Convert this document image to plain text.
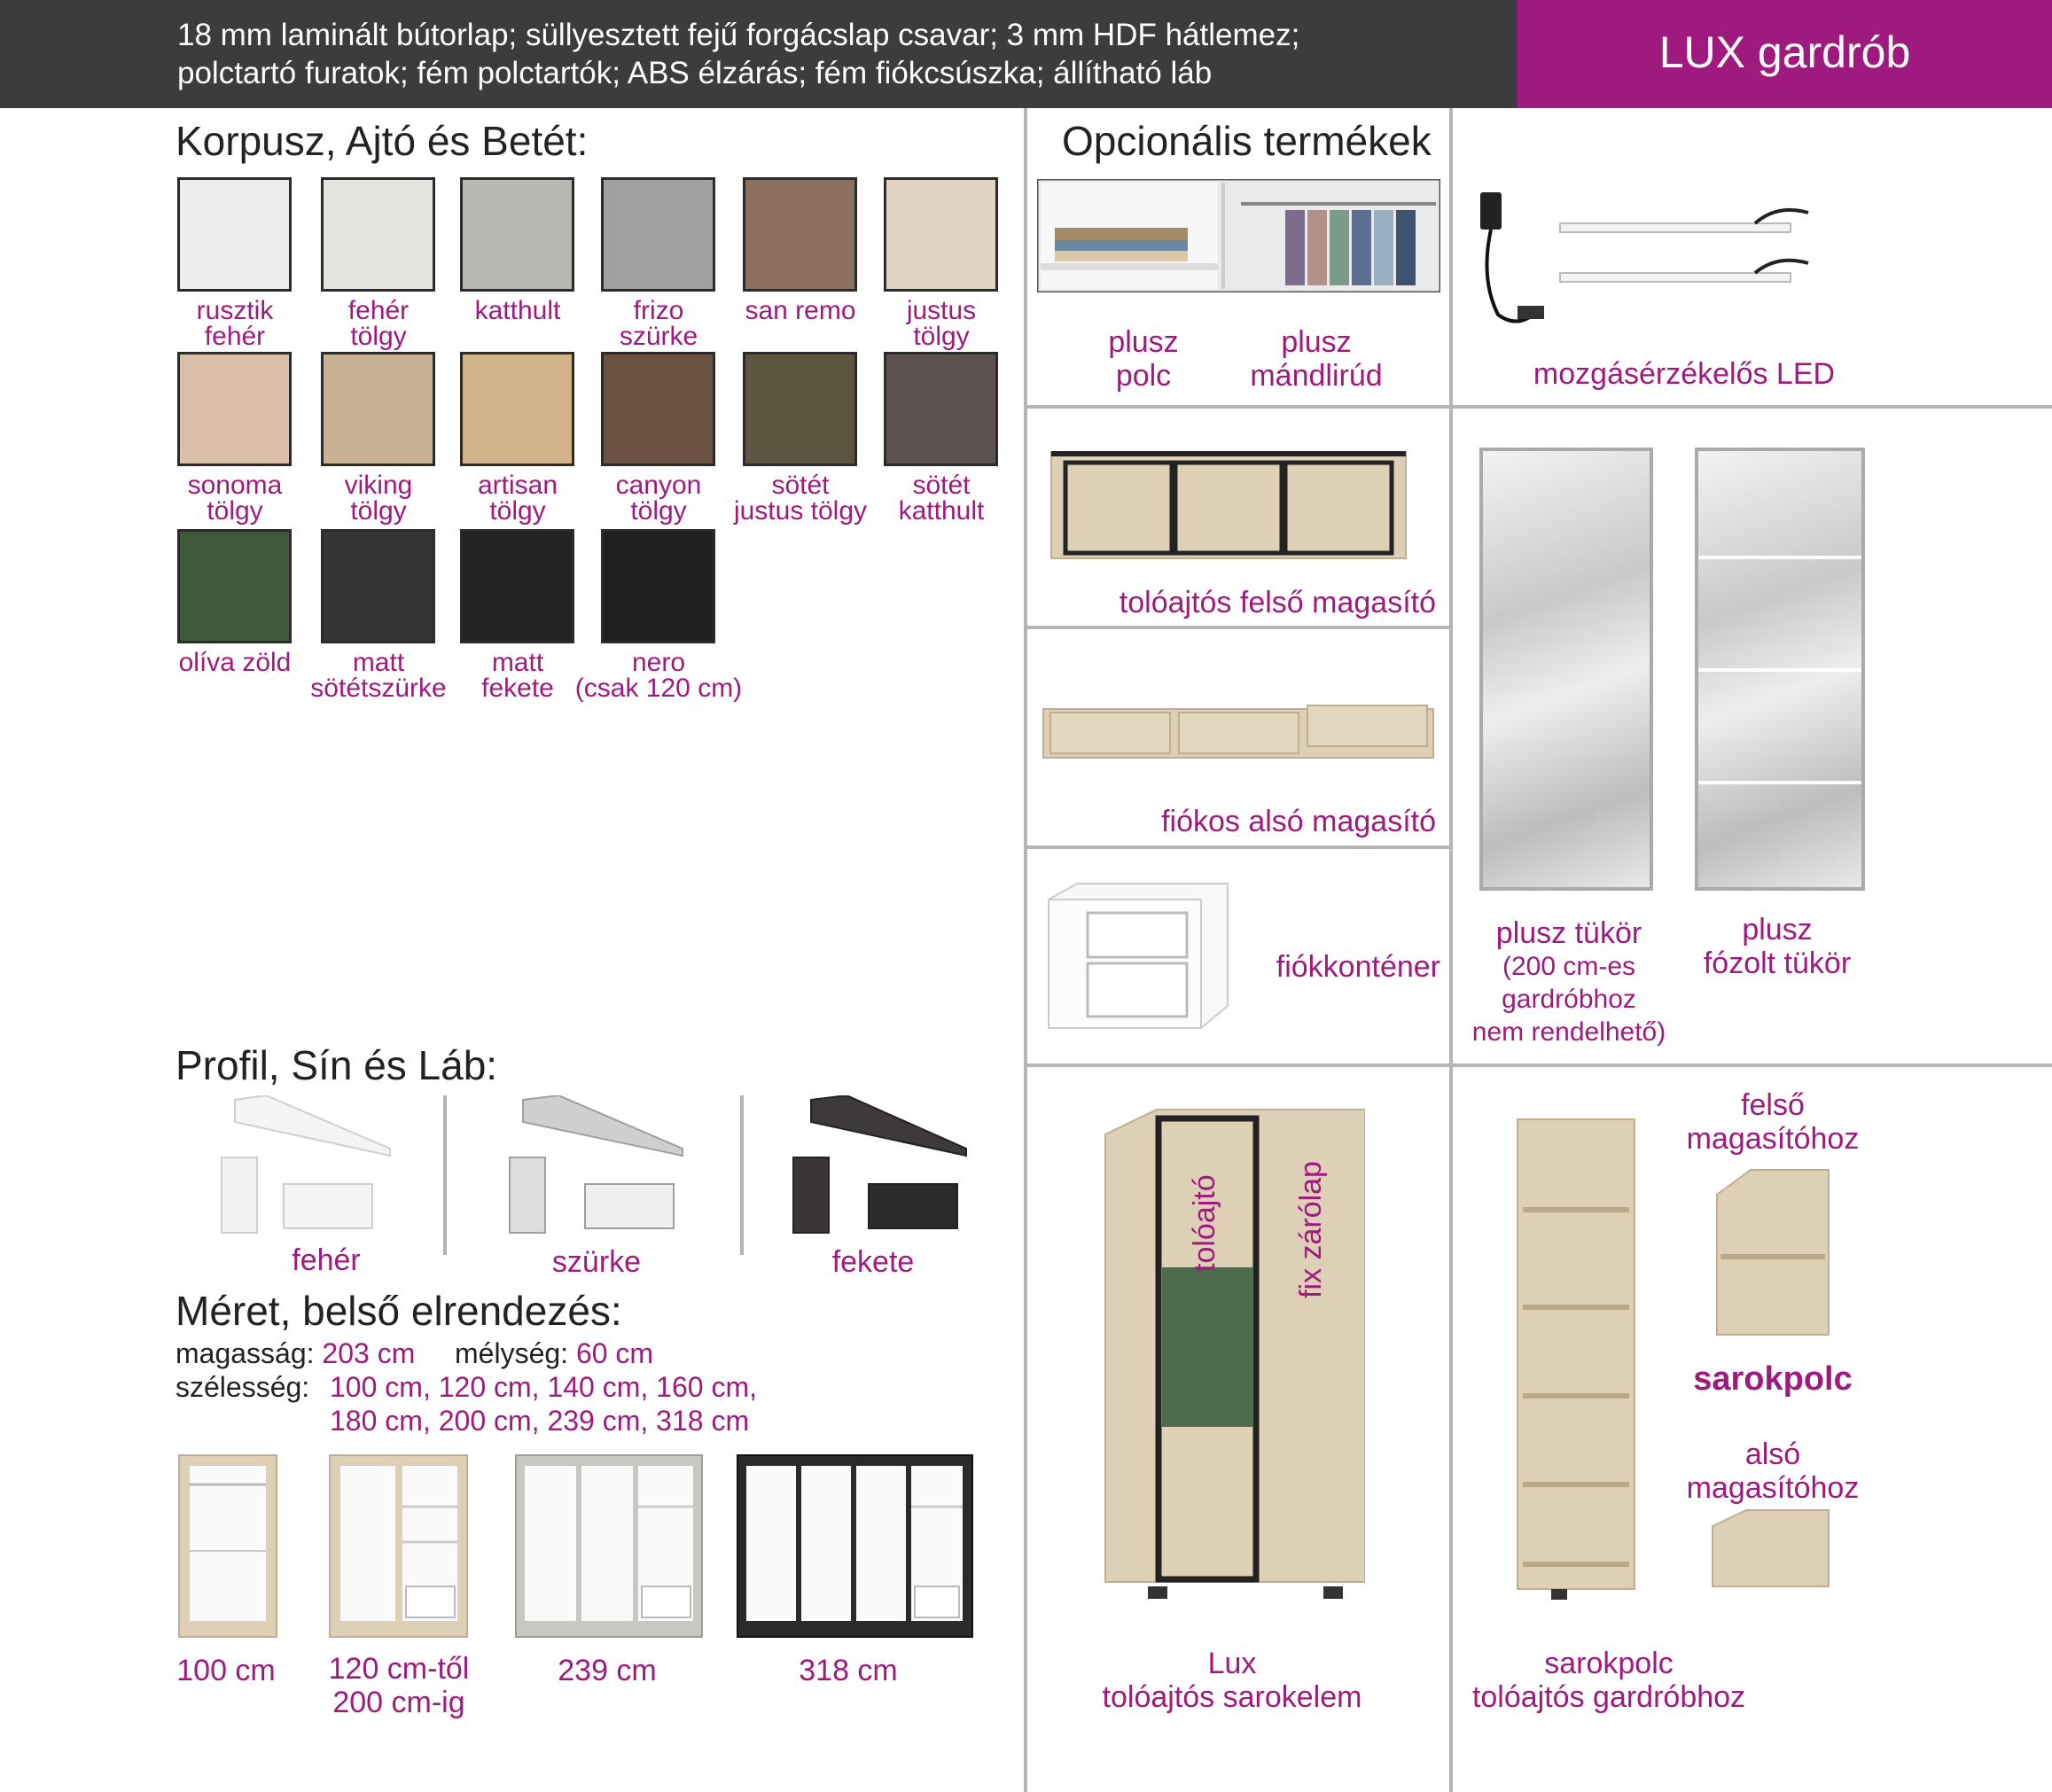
18 mm laminált bútorlap; süllyesztett fejű forgácslap csavar; 3 mm HDF hátlemez;
polctartó furatok; fém polctartók; ABS élzárás; fém fiókcsúszka; állítható láb	LUX gardrób
Korpusz, Ajtó és Betét:
rusztik
fehér
fehér
tölgy
katthult	frizo
szürke
san remo	justus
tölgy
sonoma
tölgy
viking
tölgy
artisan
tölgy
canyon
tölgy
sötét
justus tölgy
sötét
katthult
olíva zöld	matt
sötétszürke
matt
fekete
nero
(csak 120 cm)
Profil, Sín és Láb:
fehér	szürke	fekete
Méret, belső elrendezés:
magasság: 203 cm mélység: 60 cm
szélesség: 100 cm, 120 cm, 140 cm, 160 cm,
180 cm, 200 cm, 239 cm, 318 cm
100 cm	120 cm-től
200 cm-ig
239 cm	318 cm
Opcionális termékek
plusz
polc
plusz
mándlirúd	mozgásérzékelős LED
tolóajtós felső magasító
fiókos alsó magasító
fiókkonténer
plusz tükör
(200 cm-es
gardróbhoz
nem rendelhető)
plusz
fózolt tükör
tolóajtó	fix zárólap
Lux
tolóajtós sarokelem
felső
magasítóhoz
sarokpolc
alsó
magasítóhoz
sarokpolc
tolóajtós gardróbhoz
